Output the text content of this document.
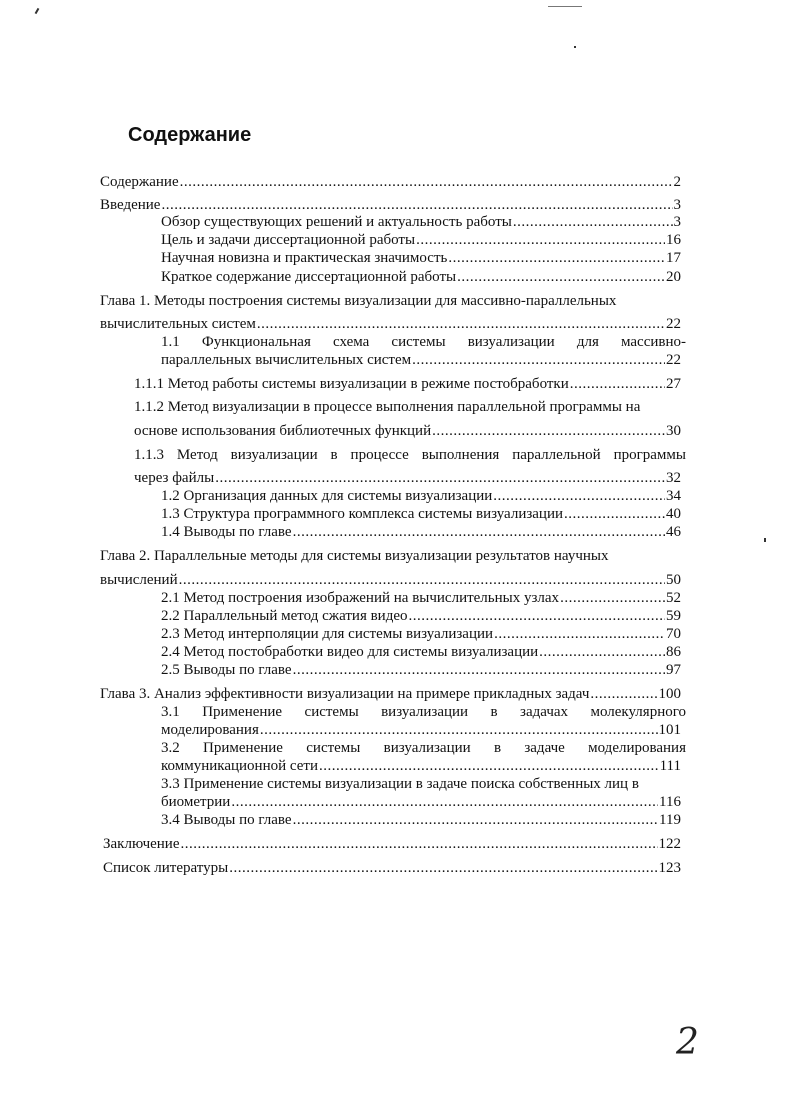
Содержание
Содержание .....	2
Введение .....	3
Обзор существующих решений и актуальность работы .....	3
Цель и задачи диссертационной работы .....	16
Научная новизна и практическая значимость .....	17
Краткое содержание диссертационной работы .....	20
Глава 1. Методы построения системы визуализации для массивно-параллельных
вычислительных систем .....	22
1.1 Функциональная схема системы визуализации для массивно-
параллельных вычислительных систем .....	22
1.1.1 Метод работы системы визуализации в режиме постобработки .....	27
1.1.2 Метод визуализации в процессе выполнения параллельной программы на
основе использования библиотечных функций .....	30
1.1.3 Метод визуализации в процессе выполнения параллельной программы
через файлы .....	32
1.2 Организация данных для системы визуализации .....	34
1.3 Структура программного комплекса системы визуализации .....	40
1.4 Выводы по главе .....	46
Глава 2. Параллельные методы для системы визуализации результатов научных
вычислений .....	50
2.1 Метод построения изображений на вычислительных узлах .....	52
2.2 Параллельный метод сжатия видео .....	59
2.3 Метод интерполяции для системы визуализации .....	70
2.4 Метод постобработки видео для системы визуализации .....	86
2.5 Выводы по главе .....	97
Глава 3. Анализ эффективности визуализации на примере прикладных задач .....	100
3.1 Применение системы визуализации в задачах молекулярного
моделирования .....	101
3.2 Применение системы визуализации в задаче моделирования
коммуникационной сети .....	111
3.3 Применение системы визуализации в задаче поиска собственных лиц в
биометрии .....	116
3.4 Выводы по главе .....	119
Заключение .....	122
Список литературы .....	123
2
